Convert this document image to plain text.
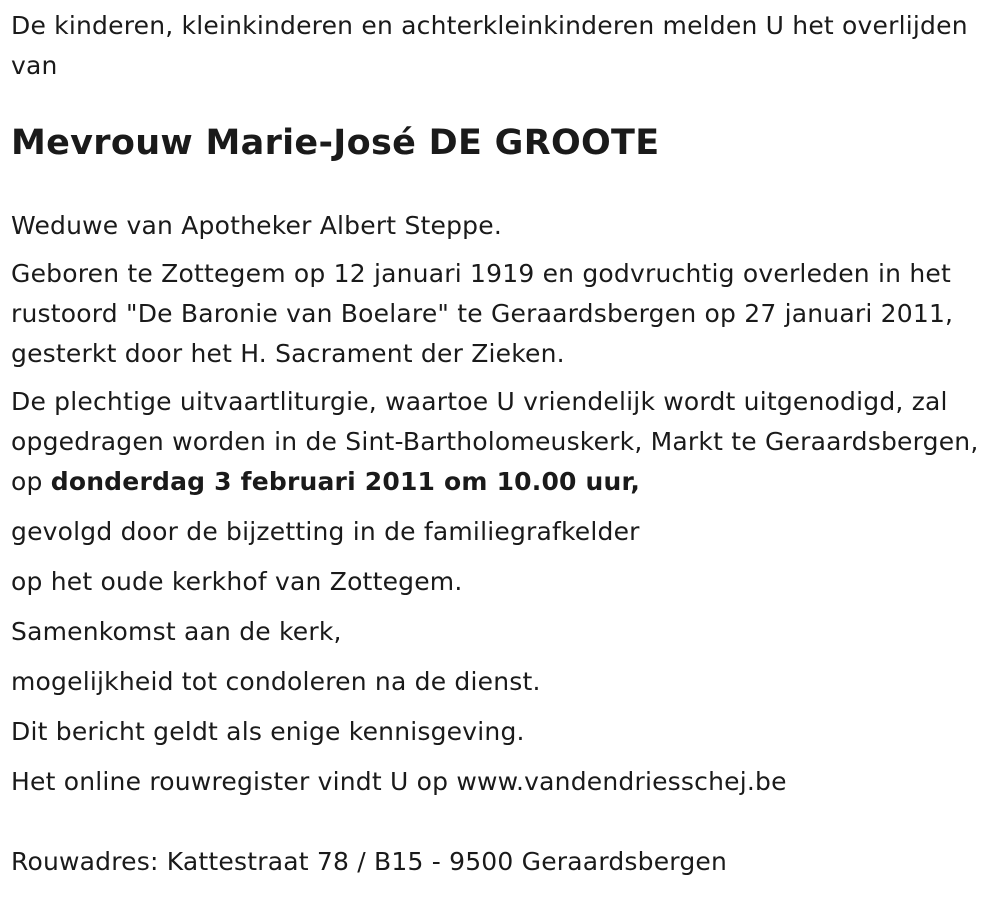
De kinderen, kleinkinderen en achterkleinkinderen melden U het overlijden van

Mevrouw Marie-José DE GROOTE

Weduwe van Apotheker Albert Steppe.

Geboren te Zottegem op 12 januari 1919 en godvruchtig overleden in het rustoord "De Baronie van Boelare" te Geraardsbergen op 27 januari 2011, gesterkt door het H. Sacrament der Zieken.

De plechtige uitvaartliturgie, waartoe U vriendelijk wordt uitgenodigd, zal opgedragen worden in de Sint-Bartholomeuskerk, Markt te Geraardsbergen, op donderdag 3 februari 2011 om 10.00 uur,

gevolgd door de bijzetting in de familiegrafkelder

op het oude kerkhof van Zottegem.

Samenkomst aan de kerk,

mogelijkheid tot condoleren na de dienst.

Dit bericht geldt als enige kennisgeving.

Het online rouwregister vindt U op www.vandendriesschej.be

Rouwadres: Kattestraat 78 / B15 - 9500 Geraardsbergen
